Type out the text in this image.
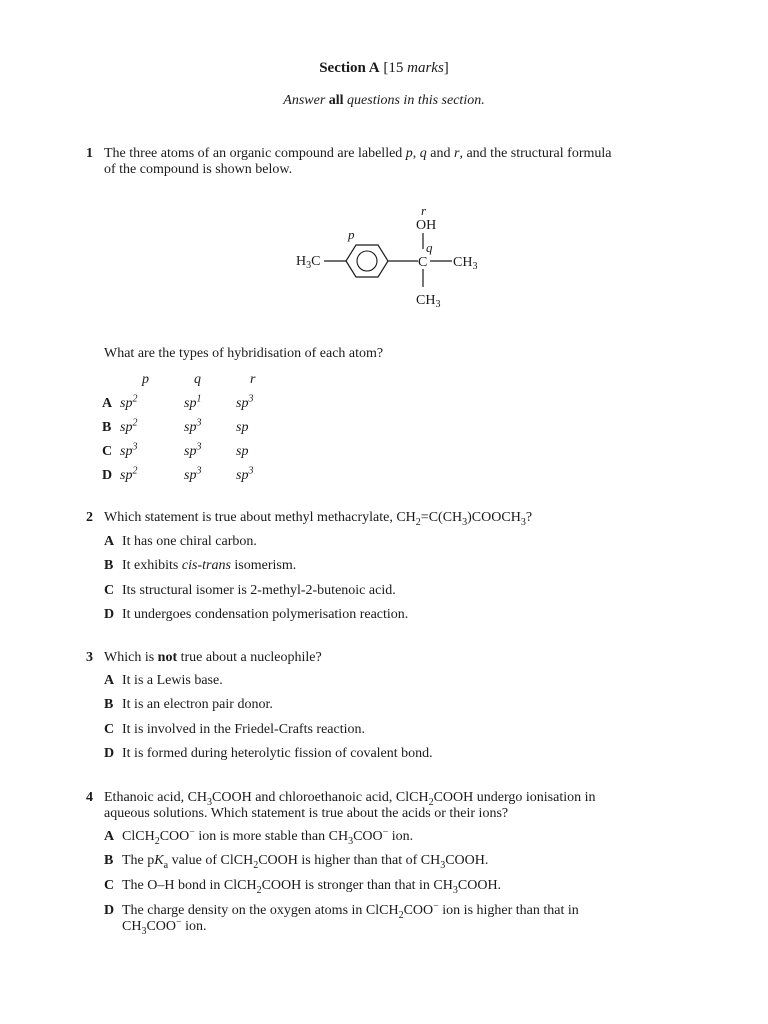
Section A [15 marks]
Answer all questions in this section.
1 The three atoms of an organic compound are labelled p, q and r, and the structural formula
of the compound is shown below.
$H_3C$
p
C $CH_3$
q
OH
r
$CH_3$
What are the types of hybridisation of each atom?
	p	q	r
A	$sp^2$	$sp^1$	$sp^3$
B	$sp^2$	$sp^3$	sp
C	$sp^3$	$sp^3$	sp
D	$sp^2$	$sp^3$	$sp^3$
2 Which statement is true about methyl methacrylate, $CH_2=C(CH_3)COOCH_3$?
A It has one chiral carbon.
B It exhibits cis-trans isomerism.
C Its structural isomer is 2-methyl-2-butenoic acid.
D It undergoes condensation polymerisation reaction.
3 Which is not true about a nucleophile?
A It is a Lewis base.
B It is an electron pair donor.
C It is involved in the Friedel-Crafts reaction.
D It is formed during heterolytic fission of covalent bond.
4 Ethanoic acid, $CH_3COOH$ and chloroethanoic acid, ClCH$_2$COOH undergo ionisation in
aqueous solutions. Which statement is true about the acids or their ions?
A ClCH$_2$COO− ion is more stable than $CH_3COO^-$ ion.
B The $pK_a$ value of ClCH$_2$COOH is higher than that of $CH_3COOH$.
C The O–H bond in ClCH$_2$COOH is stronger than that in $CH_3COOH$.
D The charge density on the oxygen atoms in ClCH$_2$COO− ion is higher than that in
$CH_3COO^-$ ion.
